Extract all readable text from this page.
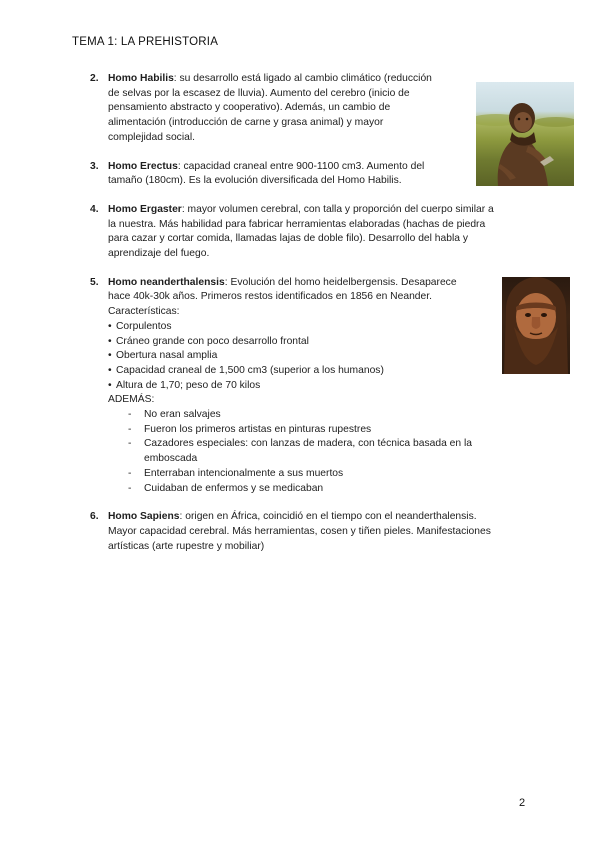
TEMA 1: LA PREHISTORIA
2. Homo Habilis: su desarrollo está ligado al cambio climático (reducción
de selvas por la escasez de lluvia). Aumento del cerebro (inicio de
pensamiento abstracto y cooperativo). Además, un cambio de
alimentación (introducción de carne y grasa animal) y mayor
complejidad social.
3. Homo Erectus: capacidad craneal entre 900-1100 cm3. Aumento del
tamaño (180cm). Es la evolución diversificada del Homo Habilis.
4. Homo Ergaster: mayor volumen cerebral, con talla y proporción del cuerpo similar a
la nuestra. Más habilidad para fabricar herramientas elaboradas (hachas de piedra
para cazar y cortar comida, llamadas lajas de doble filo). Desarrollo del habla y
aprendizaje del fuego.
5. Homo neanderthalensis: Evolución del homo heidelbergensis. Desaparece
hace 40k-30k años. Primeros restos identificados en 1856 en Neander.
Características:
• Corpulentos
• Cráneo grande con poco desarrollo frontal
• Obertura nasal amplia
• Capacidad craneal de 1,500 cm3 (superior a los humanos)
• Altura de 1,70; peso de 70 kilos
ADEMÁS:
- No eran salvajes
- Fueron los primeros artistas en pinturas rupestres
- Cazadores especiales: con lanzas de madera, con técnica basada en la emboscada
- Enterraban intencionalmente a sus muertos
- Cuidaban de enfermos y se medicaban
6. Homo Sapiens: origen en África, coincidió en el tiempo con el neanderthalensis.
Mayor capacidad cerebral. Más herramientas, cosen y tiñen pieles. Manifestaciones
artísticas (arte rupestre y mobiliar)
2
